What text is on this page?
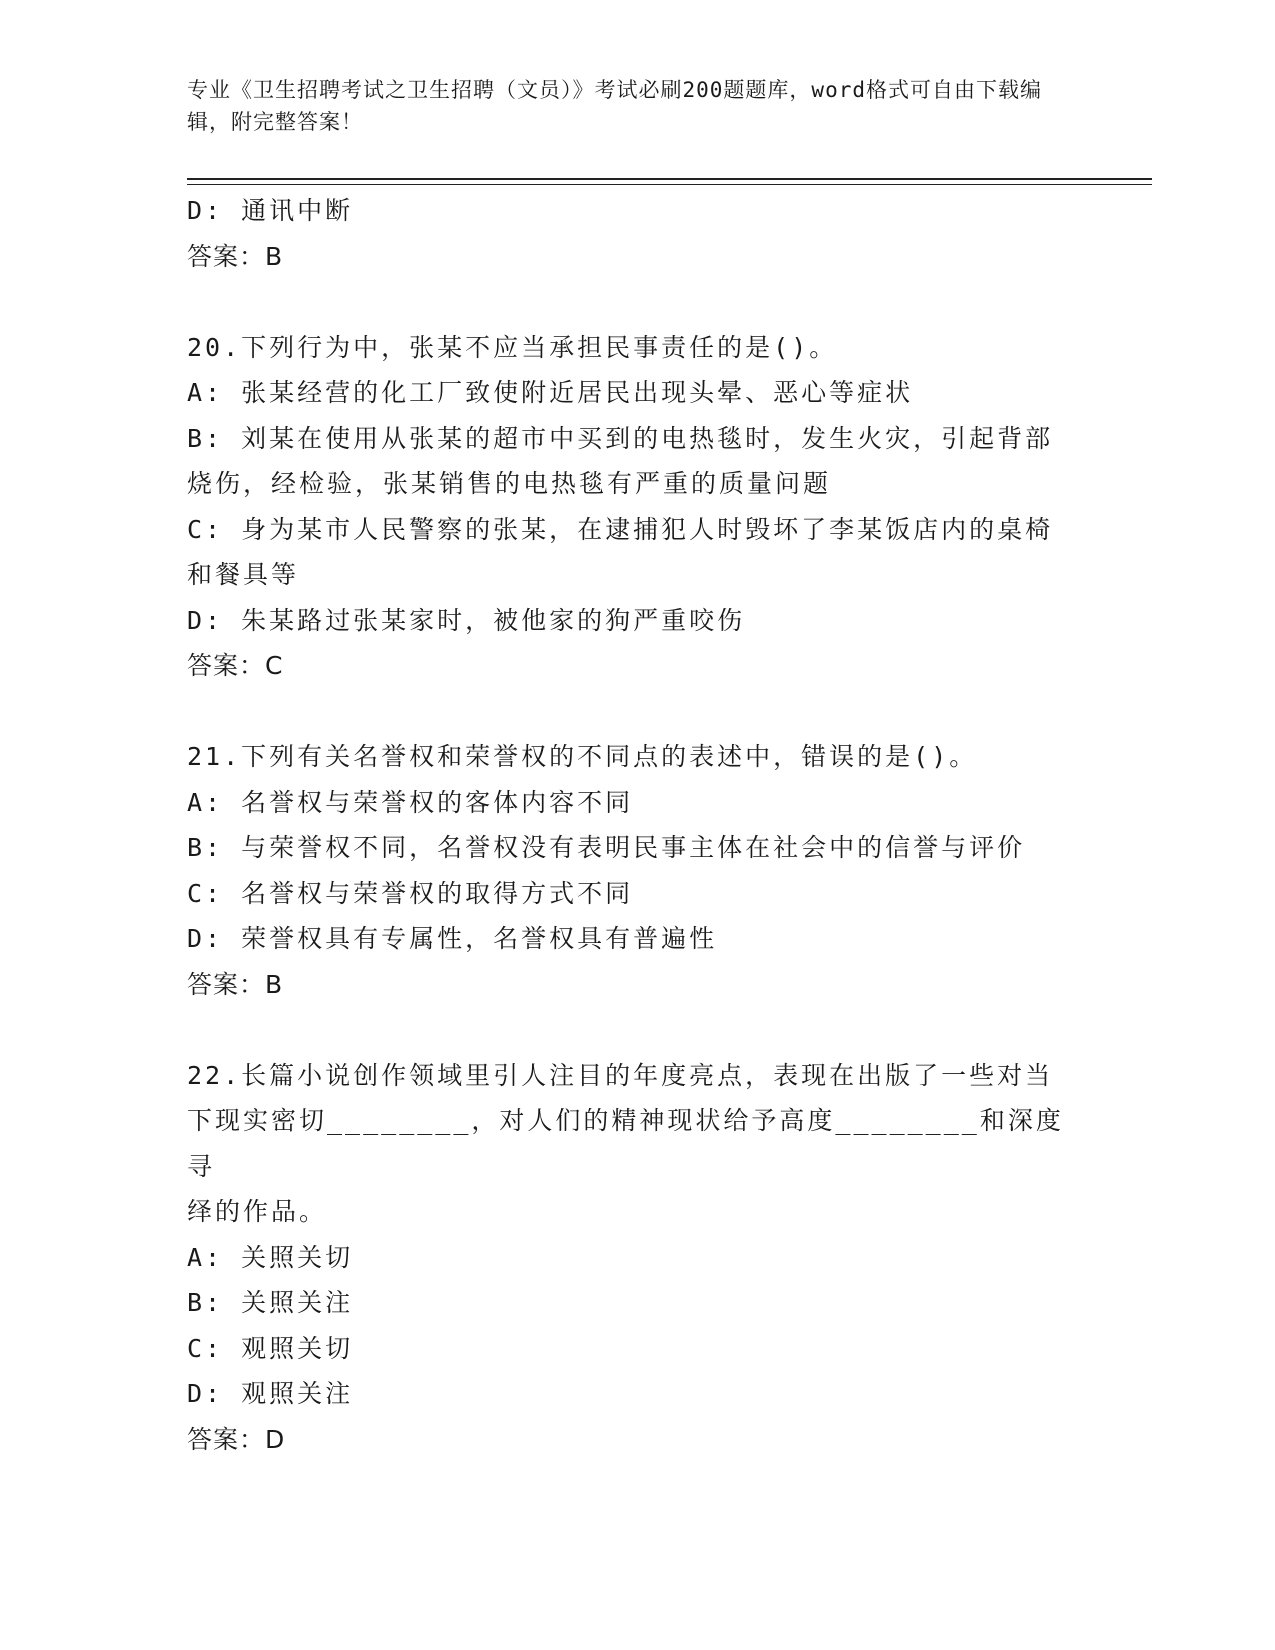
专业《卫生招聘考试之卫生招聘（文员）》考试必刷200题题库，word格式可自由下载编辑，附完整答案！

D: 通讯中断

答案：B

20.下列行为中，张某不应当承担民事责任的是()。

A: 张某经营的化工厂致使附近居民出现头晕、恶心等症状

B: 刘某在使用从张某的超市中买到的电热毯时，发生火灾，引起背部

烧伤，经检验，张某销售的电热毯有严重的质量问题

C: 身为某市人民警察的张某，在逮捕犯人时毁坏了李某饭店内的桌椅

和餐具等

D: 朱某路过张某家时，被他家的狗严重咬伤

答案：C

21.下列有关名誉权和荣誉权的不同点的表述中，错误的是()。

A: 名誉权与荣誉权的客体内容不同

B: 与荣誉权不同，名誉权没有表明民事主体在社会中的信誉与评价

C: 名誉权与荣誉权的取得方式不同

D: 荣誉权具有专属性，名誉权具有普遍性

答案：B

22.长篇小说创作领域里引人注目的年度亮点，表现在出版了一些对当

下现实密切________，对人们的精神现状给予高度________和深度寻

绎的作品。

A: 关照关切

B: 关照关注

C: 观照关切

D: 观照关注

答案：D
